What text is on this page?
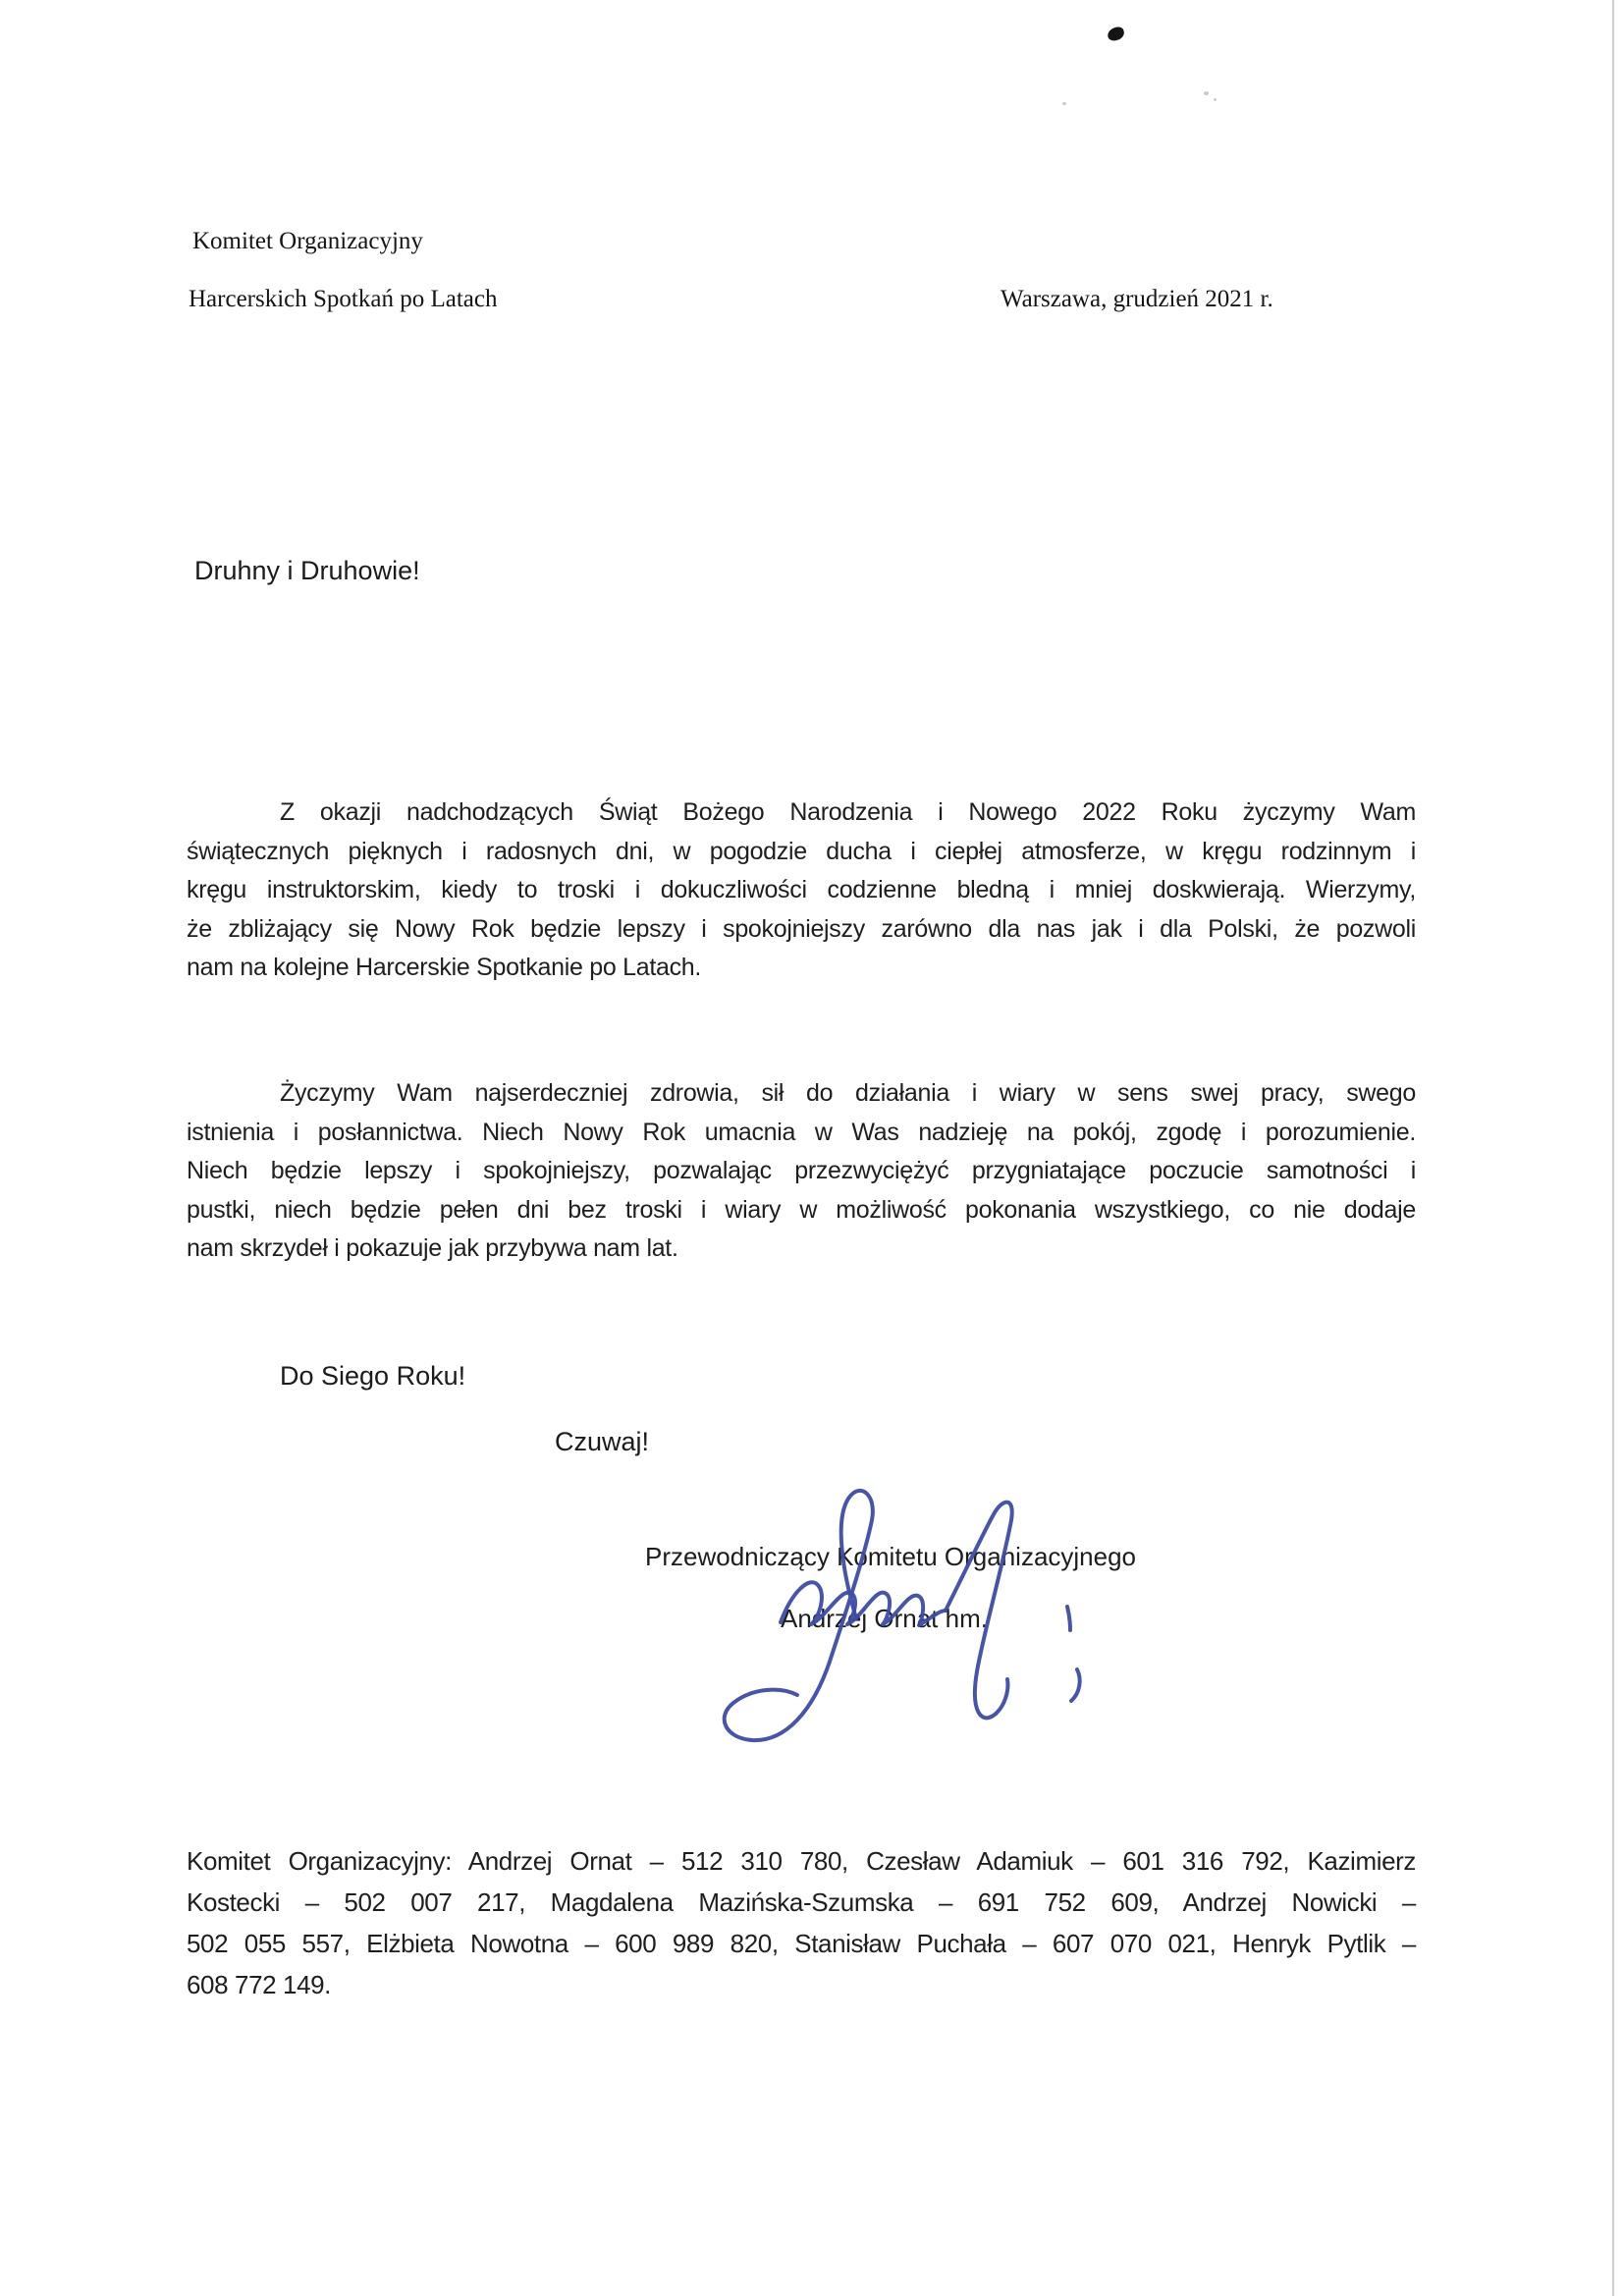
Komitet Organizacyjny
Harcerskich Spotkań po Latach	Warszawa, grudzień 2021 r.
Druhny i Druhowie!
Z okazji nadchodzących Świąt Bożego Narodzenia i Nowego 2022 Roku życzymy Wam
świątecznych pięknych i radosnych dni, w pogodzie ducha i ciepłej atmosferze, w kręgu rodzinnym i
kręgu instruktorskim, kiedy to troski i dokuczliwości codzienne bledną i mniej doskwierają. Wierzymy,
że zbliżający się Nowy Rok będzie lepszy i spokojniejszy zarówno dla nas jak i dla Polski, że pozwoli
nam na kolejne Harcerskie Spotkanie po Latach.
Życzymy Wam najserdeczniej zdrowia, sił do działania i wiary w sens swej pracy, swego
istnienia i posłannictwa. Niech Nowy Rok umacnia w Was nadzieję na pokój, zgodę i porozumienie.
Niech będzie lepszy i spokojniejszy, pozwalając przezwyciężyć przygniatające poczucie samotności i
pustki, niech będzie pełen dni bez troski i wiary w możliwość pokonania wszystkiego, co nie dodaje
nam skrzydeł i pokazuje jak przybywa nam lat.
Do Siego Roku!
Czuwaj!
Przewodniczący Komitetu Organizacyjnego
Andrzej Ornat hm.
Komitet Organizacyjny: Andrzej Ornat – 512 310 780, Czesław Adamiuk – 601 316 792, Kazimierz
Kostecki – 502 007 217, Magdalena Mazińska-Szumska – 691 752 609, Andrzej Nowicki –
502 055 557, Elżbieta Nowotna – 600 989 820, Stanisław Puchała – 607 070 021, Henryk Pytlik –
608 772 149.
